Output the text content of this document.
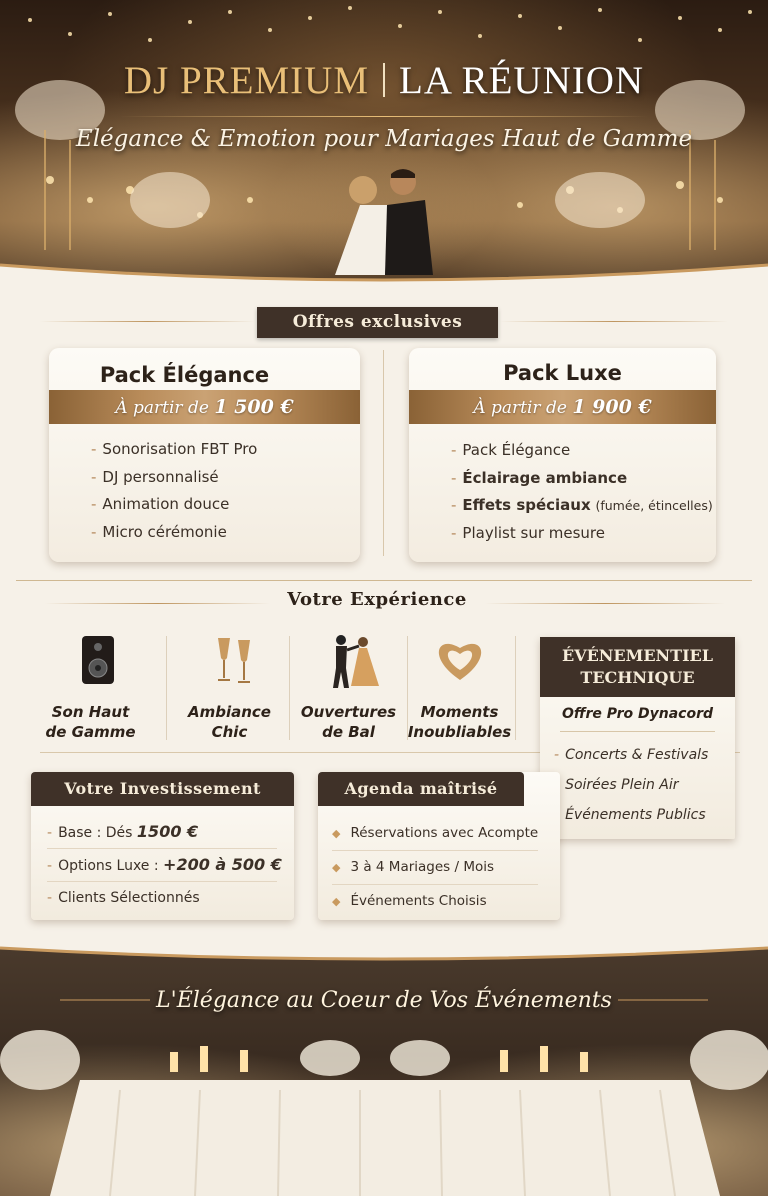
DJ PREMIUM LA RÉUNION
Elégance & Emotion pour Mariages Haut de Gamme
Offres exclusives
Pack Élégance
À partir de 1 500 €
- Sonorisation FBT Pro
- DJ personnalisé
- Animation douce
- Micro cérémonie
Pack Luxe
À partir de 1 900 €
- Pack Élégance
- Éclairage ambiance
- Effets spéciaux (fumée, étincelles)
- Playlist sur mesure
Votre Expérience
Son Haut
de Gamme
Ambiance
Chic
Ouvertures
de Bal
Moments
Inoubliables
ÉVÉNEMENTIEL
TECHNIQUE
Offre Pro Dynacord
- Concerts & Festivals
Soirées Plein Air
Événements Publics
Votre Investissement
- Base : Dés 1500 €
- Options Luxe : +200 à 500 €
- Clients Sélectionnés
Agenda maîtrisé
◆ Réservations avec Acompte
◆ 3 à 4 Mariages / Mois
◆ Événements Choisis
L'Élégance au Coeur de Vos Événements
